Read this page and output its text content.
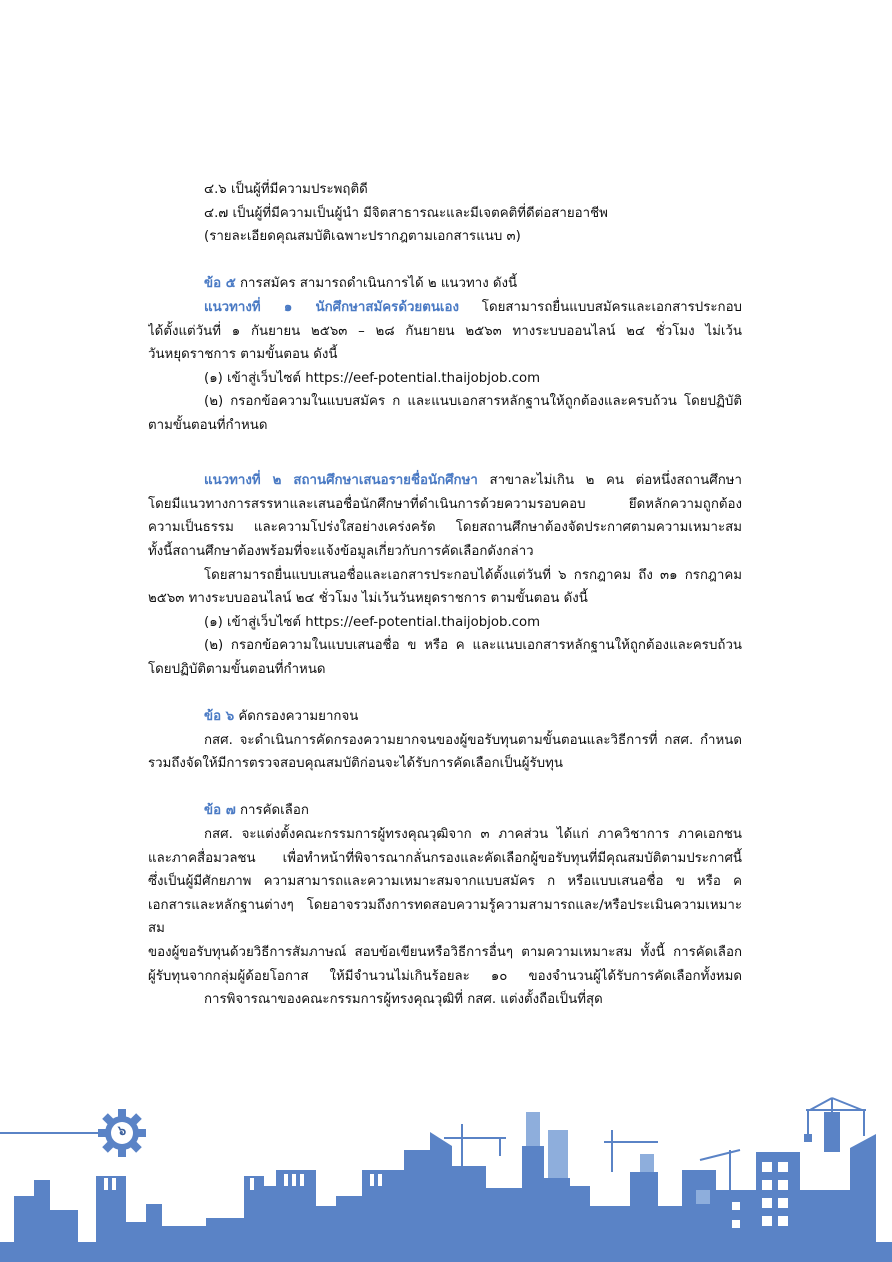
๔.๖ เป็นผู้ที่มีความประพฤติดี
๔.๗ เป็นผู้ที่มีความเป็นผู้นำ มีจิตสาธารณะและมีเจตคติที่ดีต่อสายอาชีพ
(รายละเอียดคุณสมบัติเฉพาะปรากฎตามเอกสารแนบ ๓)
ข้อ ๕ การสมัคร สามารถดำเนินการได้ ๒ แนวทาง ดังนี้
แนวทางที่ ๑ นักศึกษาสมัครด้วยตนเอง โดยสามารถยื่นแบบสมัครและเอกสารประกอบ
ได้ตั้งแต่วันที่ ๑ กันยายน ๒๕๖๓ – ๒๘ กันยายน ๒๕๖๓ ทางระบบออนไลน์ ๒๔ ชั่วโมง ไม่เว้น
วันหยุดราชการ ตามขั้นตอน ดังนี้
(๑) เข้าสู่เว็บไซต์ https://eef-potential.thaijobjob.com
(๒) กรอกข้อความในแบบสมัคร ก และแนบเอกสารหลักฐานให้ถูกต้องและครบถ้วน โดยปฏิบัติ
ตามขั้นตอนที่กำหนด
แนวทางที่ ๒ สถานศึกษาเสนอรายชื่อนักศึกษา สาขาละไม่เกิน ๒ คน ต่อหนึ่งสถานศึกษา
โดยมีแนวทางการสรรหาและเสนอชื่อนักศึกษาที่ดำเนินการด้วยความรอบคอบ ยึดหลักความถูกต้อง
ความเป็นธรรม และความโปร่งใสอย่างเคร่งครัด โดยสถานศึกษาต้องจัดประกาศตามความเหมาะสม
ทั้งนี้สถานศึกษาต้องพร้อมที่จะแจ้งข้อมูลเกี่ยวกับการคัดเลือกดังกล่าว
โดยสามารถยื่นแบบเสนอชื่อและเอกสารประกอบได้ตั้งแต่วันที่ ๖ กรกฎาคม ถึง ๓๑ กรกฎาคม
๒๕๖๓ ทางระบบออนไลน์ ๒๔ ชั่วโมง ไม่เว้นวันหยุดราชการ ตามขั้นตอน ดังนี้
(๑) เข้าสู่เว็บไซต์ https://eef-potential.thaijobjob.com
(๒) กรอกข้อความในแบบเสนอชื่อ ข หรือ ค และแนบเอกสารหลักฐานให้ถูกต้องและครบถ้วน
โดยปฏิบัติตามขั้นตอนที่กำหนด
ข้อ ๖ คัดกรองความยากจน
กสศ. จะดำเนินการคัดกรองความยากจนของผู้ขอรับทุนตามขั้นตอนและวิธีการที่ กสศ. กำหนด
รวมถึงจัดให้มีการตรวจสอบคุณสมบัติก่อนจะได้รับการคัดเลือกเป็นผู้รับทุน
ข้อ ๗ การคัดเลือก
กสศ. จะแต่งตั้งคณะกรรมการผู้ทรงคุณวุฒิจาก ๓ ภาคส่วน ได้แก่ ภาควิชาการ ภาคเอกชน
และภาคสื่อมวลชน เพื่อทำหน้าที่พิจารณากลั่นกรองและคัดเลือกผู้ขอรับทุนที่มีคุณสมบัติตามประกาศนี้
ซึ่งเป็นผู้มีศักยภาพ ความสามารถและความเหมาะสมจากแบบสมัคร ก หรือแบบเสนอชื่อ ข หรือ ค
เอกสารและหลักฐานต่างๆ โดยอาจรวมถึงการทดสอบความรู้ความสามารถและ/หรือประเมินความเหมาะสม
ของผู้ขอรับทุนด้วยวิธีการสัมภาษณ์ สอบข้อเขียนหรือวิธีการอื่นๆ ตามความเหมาะสม ทั้งนี้ การคัดเลือก
ผู้รับทุนจากกลุ่มผู้ด้อยโอกาส ให้มีจำนวนไม่เกินร้อยละ ๑๐ ของจำนวนผู้ได้รับการคัดเลือกทั้งหมด
การพิจารณาของคณะกรรมการผู้ทรงคุณวุฒิที่ กสศ. แต่งตั้งถือเป็นที่สุด
๖
